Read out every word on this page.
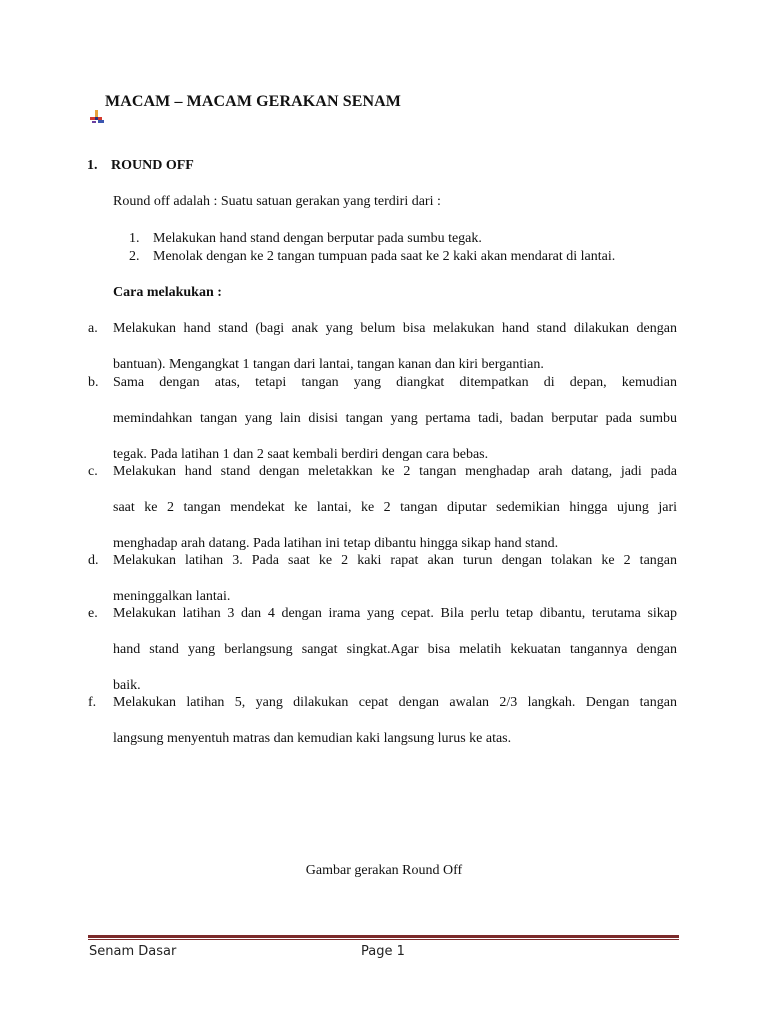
MACAM – MACAM GERAKAN SENAM
1. ROUND OFF

Round off adalah : Suatu satuan gerakan yang terdiri dari :

1. Melakukan hand stand dengan berputar pada sumbu tegak.
2. Menolak dengan ke 2 tangan tumpuan pada saat ke 2 kaki akan mendarat di lantai.

Cara melakukan :

a. Melakukan hand stand (bagi anak yang belum bisa melakukan hand stand dilakukan dengan
bantuan). Mengangkat 1 tangan dari lantai, tangan kanan dan kiri bergantian.
b. Sama dengan atas, tetapi tangan yang diangkat ditempatkan di depan, kemudian
memindahkan tangan yang lain disisi tangan yang pertama tadi, badan berputar pada sumbu
tegak. Pada latihan 1 dan 2 saat kembali berdiri dengan cara bebas.
c. Melakukan hand stand dengan meletakkan ke 2 tangan menghadap arah datang, jadi pada
saat ke 2 tangan mendekat ke lantai, ke 2 tangan diputar sedemikian hingga ujung jari
menghadap arah datang. Pada latihan ini tetap dibantu hingga sikap hand stand.
d. Melakukan latihan 3. Pada saat ke 2 kaki rapat akan turun dengan tolakan ke 2 tangan
meninggalkan lantai.
e. Melakukan latihan 3 dan 4 dengan irama yang cepat. Bila perlu tetap dibantu, terutama sikap
hand stand yang berlangsung sangat singkat.Agar bisa melatih kekuatan tangannya dengan
baik.
f. Melakukan latihan 5, yang dilakukan cepat dengan awalan 2/3 langkah. Dengan tangan
langsung menyentuh matras dan kemudian kaki langsung lurus ke atas.

Gambar gerakan Round Off

Senam Dasar	Page 1
